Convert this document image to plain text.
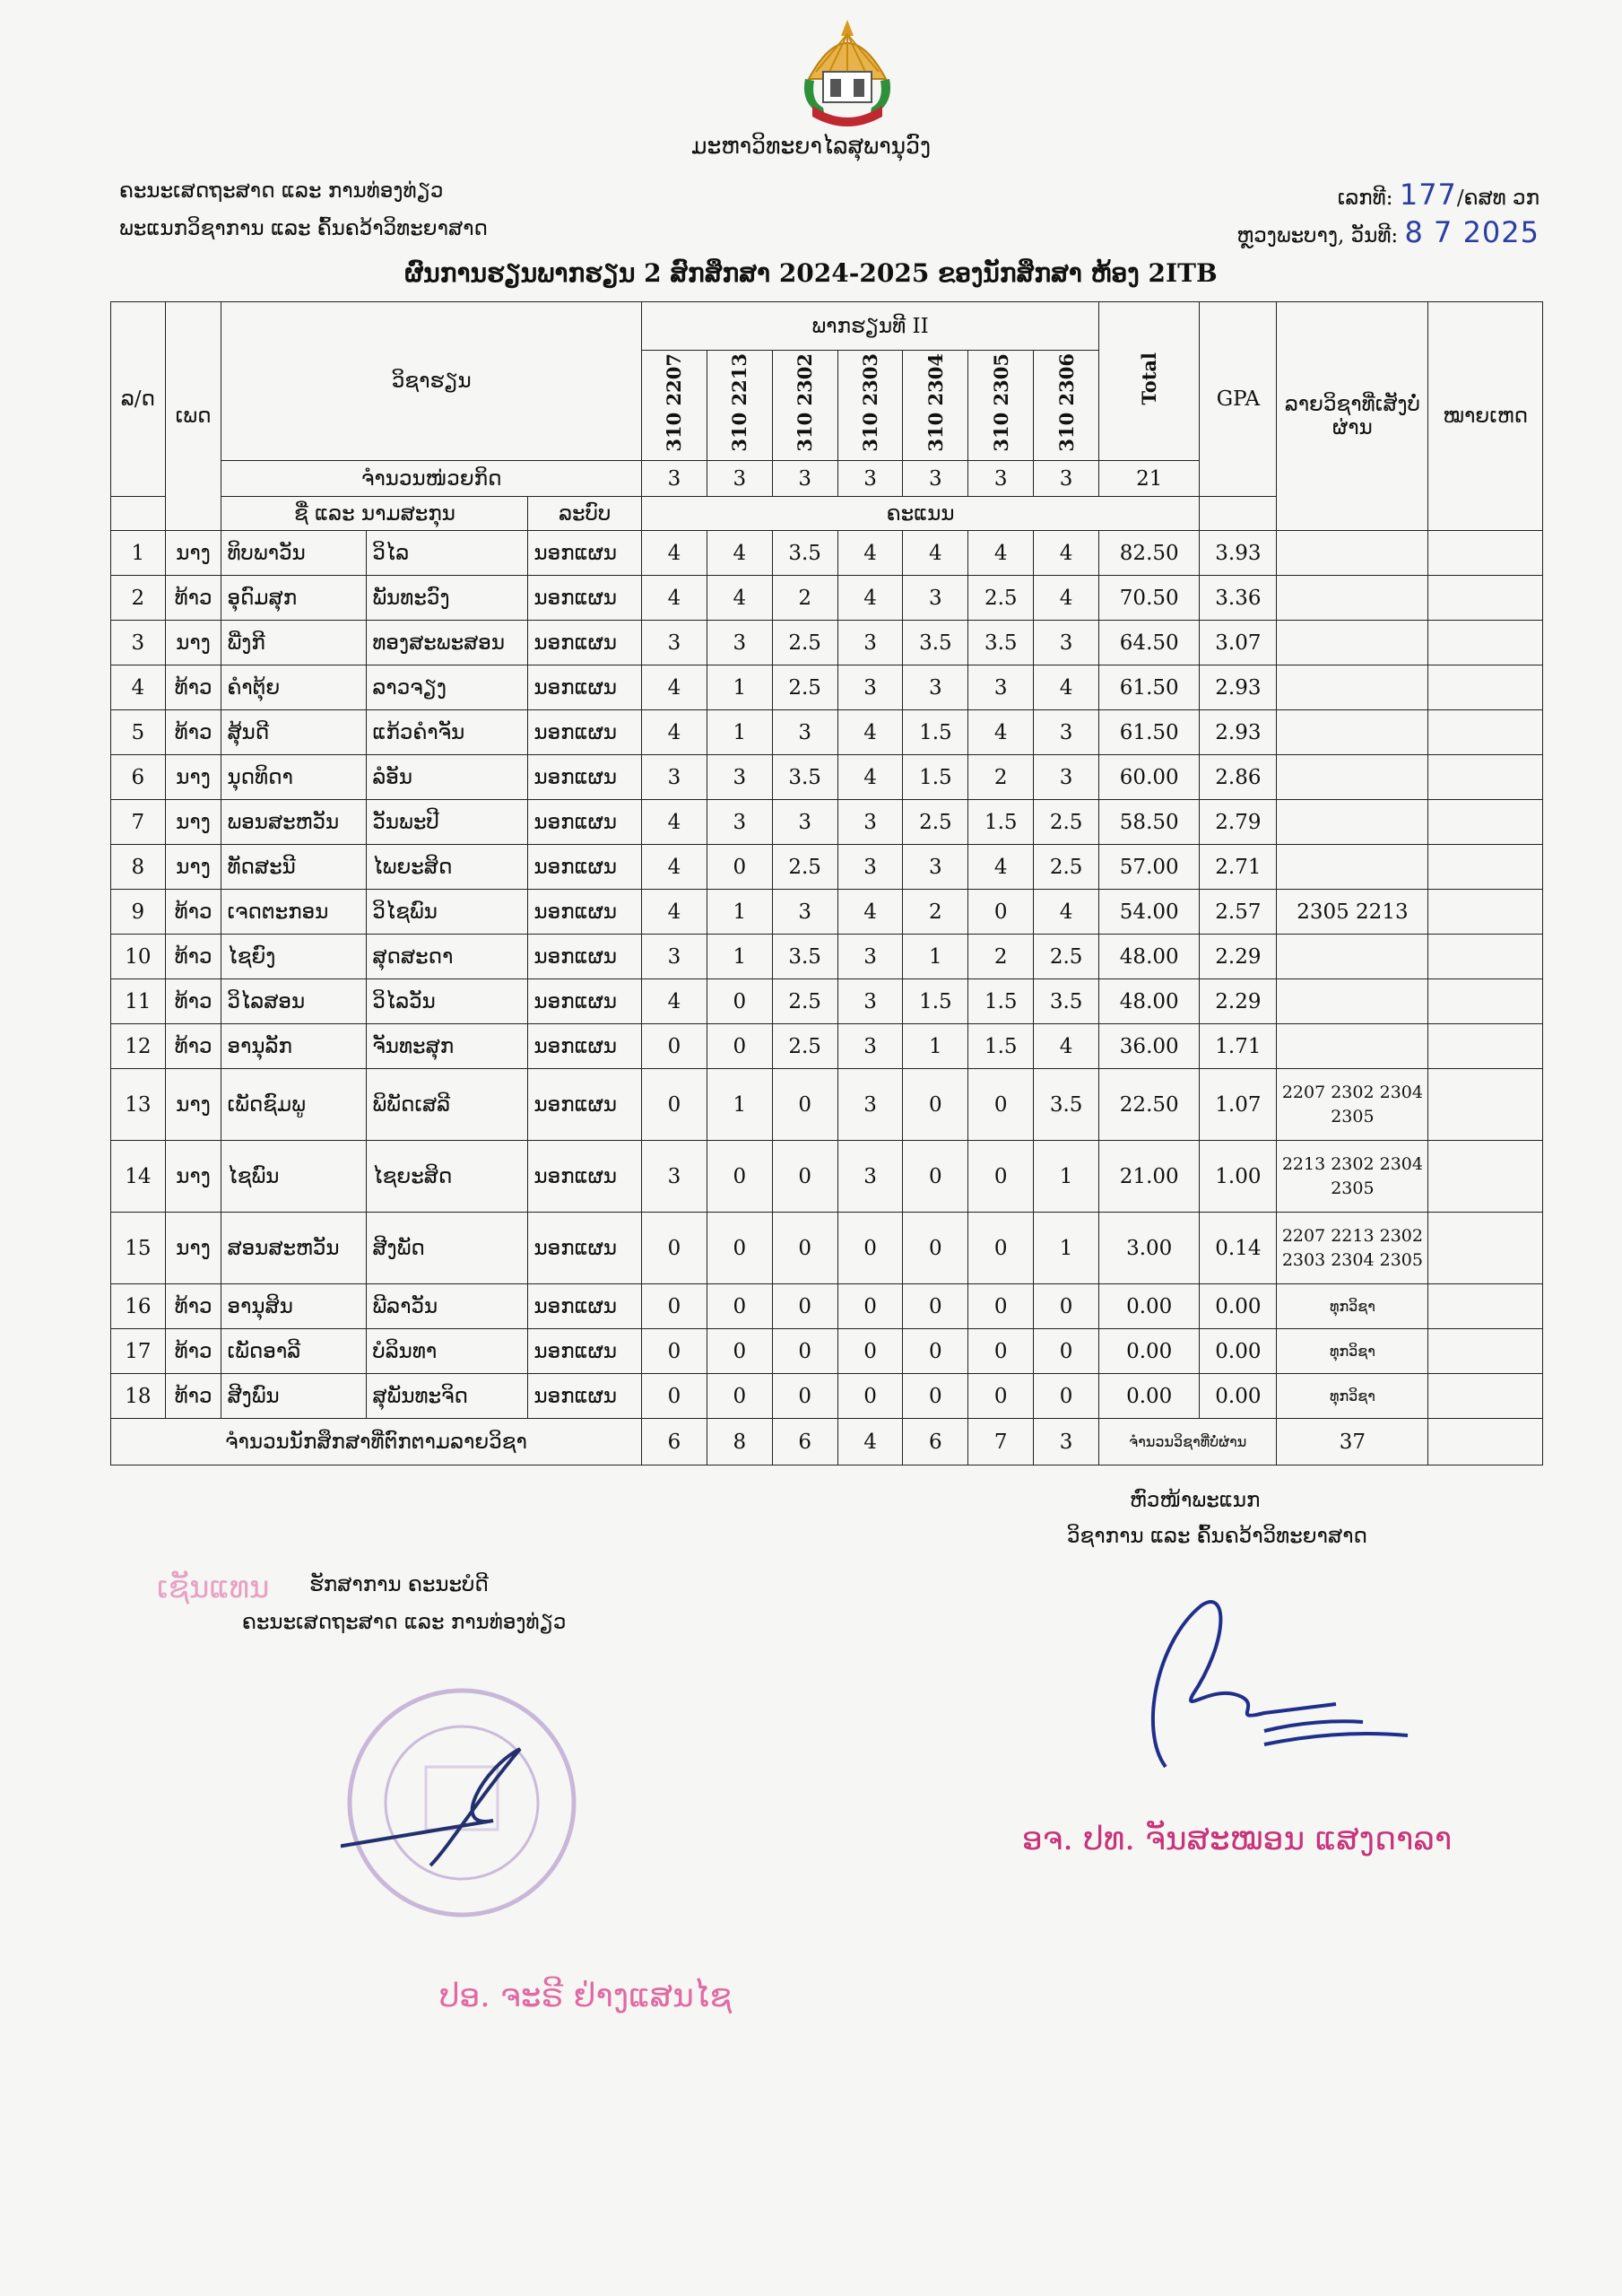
ມະຫາວິທະຍາໄລສຸພານຸວົງ
ຄະນະເສດຖະສາດ ແລະ ການທ່ອງທ່ຽວ
ພະແນກວິຊາການ ແລະ ຄົ້ນຄວ້າວິທະຍາສາດ
ເລກທີ: 177/ຄສທ ວກ
ຫຼວງພະບາງ, ວັນທີ: 8 7 2025
ຜົນການຮຽນພາກຮຽນ 2 ສົກສຶກສາ 2024-2025 ຂອງນັກສຶກສາ ຫ້ອງ 2ITB
ລ/ດ	ເພດ	ວິຊາຮຽນ			ພາກຮຽນທີ II							Total	GPA	ລາຍວິຊາທີ່ເສັງບໍ່ຜ່ານ	ໝາຍເຫດ
					310 2207	310 2213	310 2302	310 2303	310 2304	310 2305	310 2306				
		ຈຳນວນໜ່ວຍກິດ			3	3	3	3	3	3	3	21			
		ຊື່ ແລະ ນາມສະກຸນ		ລະບົບ	ຄະແນນ										
1	ນາງ	ທິບພາວັນ	ວິໄລ	ນອກແຜນ	4	4	3.5	4	4	4	4	82.50	3.93		
2	ທ້າວ	ອຸດົມສຸກ	ພັນທະວົງ	ນອກແຜນ	4	4	2	4	3	2.5	4	70.50	3.36		
3	ນາງ	ພີ່ງກີ	ທອງສະພະສອນ	ນອກແຜນ	3	3	2.5	3	3.5	3.5	3	64.50	3.07		
4	ທ້າວ	ຄຳຕຸ້ຍ	ລາວຈຽງ	ນອກແຜນ	4	1	2.5	3	3	3	4	61.50	2.93		
5	ທ້າວ	ສຸ້ນດີ	ແກ້ວຄຳຈັນ	ນອກແຜນ	4	1	3	4	1.5	4	3	61.50	2.93		
6	ນາງ	ນຸດທິດາ	ລໍອັນ	ນອກແຜນ	3	3	3.5	4	1.5	2	3	60.00	2.86		
7	ນາງ	ພອນສະຫວັນ	ວັນພະປີ	ນອກແຜນ	4	3	3	3	2.5	1.5	2.5	58.50	2.79		
8	ນາງ	ທັດສະນີ	ໄພຍະສິດ	ນອກແຜນ	4	0	2.5	3	3	4	2.5	57.00	2.71		
9	ທ້າວ	ເຈດຕະກອນ	ວິໄຊພົນ	ນອກແຜນ	4	1	3	4	2	0	4	54.00	2.57	2305 2213	
10	ທ້າວ	ໄຊຍົງ	ສຸດສະດາ	ນອກແຜນ	3	1	3.5	3	1	2	2.5	48.00	2.29		
11	ທ້າວ	ວິໄລສອນ	ວິໄລວັນ	ນອກແຜນ	4	0	2.5	3	1.5	1.5	3.5	48.00	2.29		
12	ທ້າວ	ອານຸລັກ	ຈັນທະສຸກ	ນອກແຜນ	0	0	2.5	3	1	1.5	4	36.00	1.71		
13	ນາງ	ເພັດຊົມພູ	ພິພັດເສລີ	ນອກແຜນ	0	1	0	3	0	0	3.5	22.50	1.07	2207 2302 2304 2305	
14	ນາງ	ໄຊພົນ	ໄຊຍະສິດ	ນອກແຜນ	3	0	0	3	0	0	1	21.00	1.00	2213 2302 2304 2305	
15	ນາງ	ສອນສະຫວັນ	ສີງພັດ	ນອກແຜນ	0	0	0	0	0	0	1	3.00	0.14	2207 2213 2302 2303 2304 2305	
16	ທ້າວ	ອານຸສິນ	ພີລາວັນ	ນອກແຜນ	0	0	0	0	0	0	0	0.00	0.00	ທຸກວິຊາ	
17	ທ້າວ	ເພັດອາລີ	ບໍລິນທາ	ນອກແຜນ	0	0	0	0	0	0	0	0.00	0.00	ທຸກວິຊາ	
18	ທ້າວ	ສີງພົນ	ສຸພັນທະຈິດ	ນອກແຜນ	0	0	0	0	0	0	0	0.00	0.00	ທຸກວິຊາ	
ຈຳນວນນັກສຶກສາທີ່ຕົກຕາມລາຍວິຊາ					6	8	6	4	6	7	3	ຈຳນວນວິຊາທີ່ບໍ່ຜ່ານ		37	
ຫົວໜ້າພະແນກ
ວິຊາການ ແລະ ຄົ້ນຄວ້າວິທະຍາສາດ
ອຈ. ປທ. ຈັນສະໝອນ ແສງດາລາ
ເຊັນແທນ ຮັກສາການ ຄະນະບໍດີ
ຄະນະເສດຖະສາດ ແລະ ການທ່ອງທ່ຽວ
ປອ. ຈະຣີ ຢ່າງແສນໄຊ
